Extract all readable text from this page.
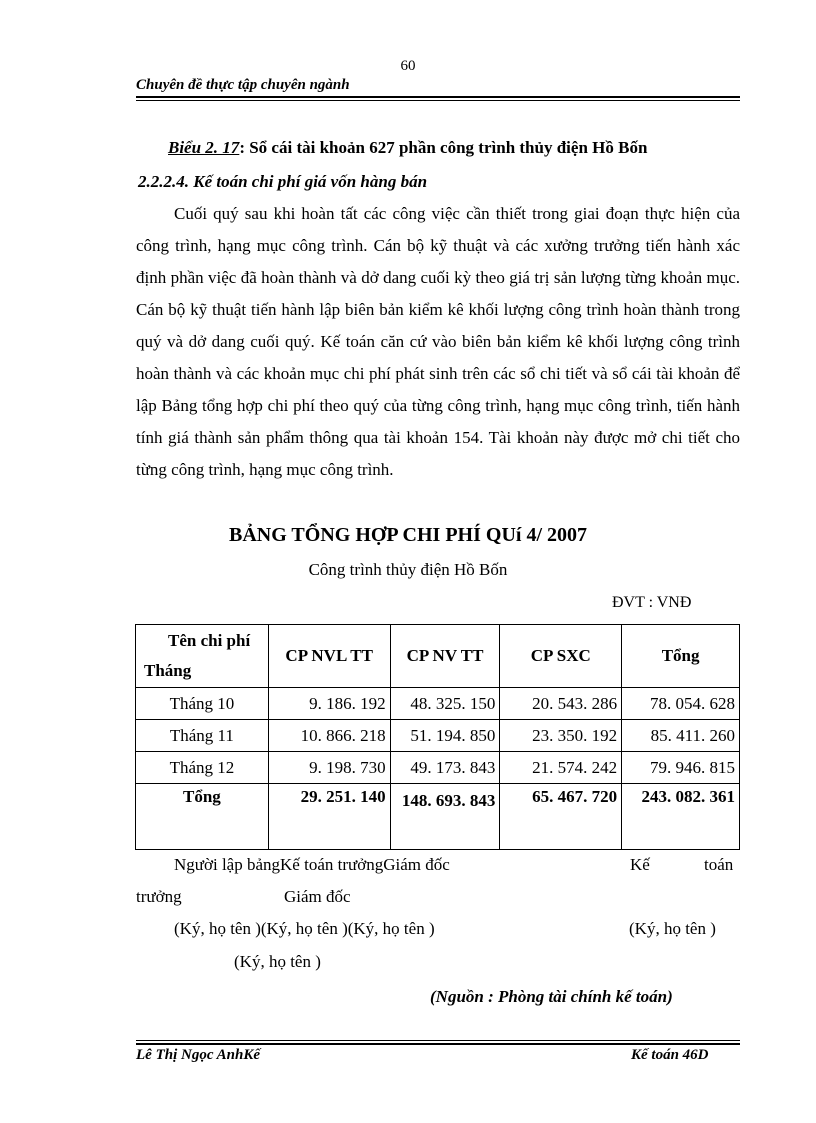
60
Chuyên đề thực tập chuyên ngành
Biểu 2. 17: Sổ cái tài khoản 627 phần công trình thủy điện Hồ Bốn
2.2.2.4. Kế toán chi phí giá vốn hàng bán
Cuối quý sau khi hoàn tất các công việc cần thiết trong giai đoạn thực hiện của công trình, hạng mục công trình. Cán bộ kỹ thuật và các xưởng trưởng tiến hành xác định phần việc đã hoàn thành và dở dang cuối kỳ theo giá trị sản lượng từng khoản mục. Cán bộ kỹ thuật tiến hành lập biên bản kiểm kê khối lượng công trình hoàn thành trong quý và dở dang cuối quý. Kế toán căn cứ vào biên bản kiểm kê khối lượng công trình hoàn thành và các khoản mục chi phí phát sinh trên các sổ chi tiết và sổ cái tài khoản để lập Bảng tổng hợp chi phí theo quý của từng công trình, hạng mục công trình, tiến hành tính giá thành sản phẩm thông qua tài khoản 154. Tài khoản này được mở chi tiết cho từng công trình, hạng mục công trình.
BẢNG TỔNG HỢP CHI PHÍ QUí 4/ 2007
Công trình thủy điện Hồ Bốn
ĐVT : VNĐ
Tên chi phí
Tháng	CP NVL TT	CP NV TT	CP SXC	Tổng
Tháng 10	9. 186. 192	48. 325. 150	20. 543. 286	78. 054. 628
Tháng 11	10. 866. 218	51. 194. 850	23. 350. 192	85. 411. 260
Tháng 12	9. 198. 730	49. 173. 843	21. 574. 242	79. 946. 815
Tổng	29. 251. 140	148. 693. 843	65. 467. 720	243. 082. 361
Người lập bảngKế toán trưởngGiám đốc	Kế	toán
trưởng	Giám đốc
(Ký, họ tên )(Ký, họ tên )(Ký, họ tên )	(Ký, họ tên )
(Ký, họ tên )
(Nguồn : Phòng tài chính kế toán)
Lê Thị Ngọc AnhKế	Kế toán 46D
